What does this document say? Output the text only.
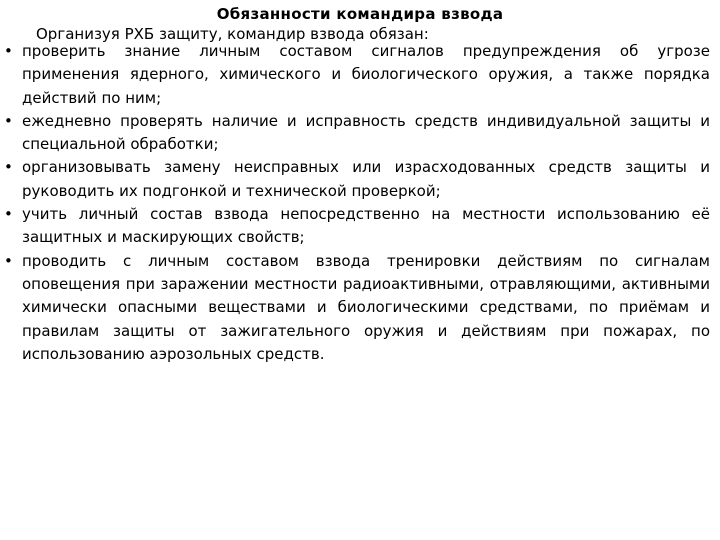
Обязанности командира взвода
Организуя РХБ защиту, командир взвода обязан:
• проверить знание личным составом сигналов предупреждения об угрозе применения ядерного, химического и биологического оружия, а также порядка действий по ним;
• ежедневно проверять наличие и исправность средств индивидуальной защиты и специальной обработки;
• организовывать замену неисправных или израсходованных средств защиты и руководить их подгонкой и технической проверкой;
• учить личный состав взвода непосредственно на местности использованию её защитных и маскирующих свойств;
• проводить с личным составом взвода тренировки действиям по сигналам оповещения при заражении местности радиоактивными, отравляющими, активными химически опасными веществами и биологическими средствами, по приёмам и правилам защиты от зажигательного оружия и действиям при пожарах, по использованию аэрозольных средств.
